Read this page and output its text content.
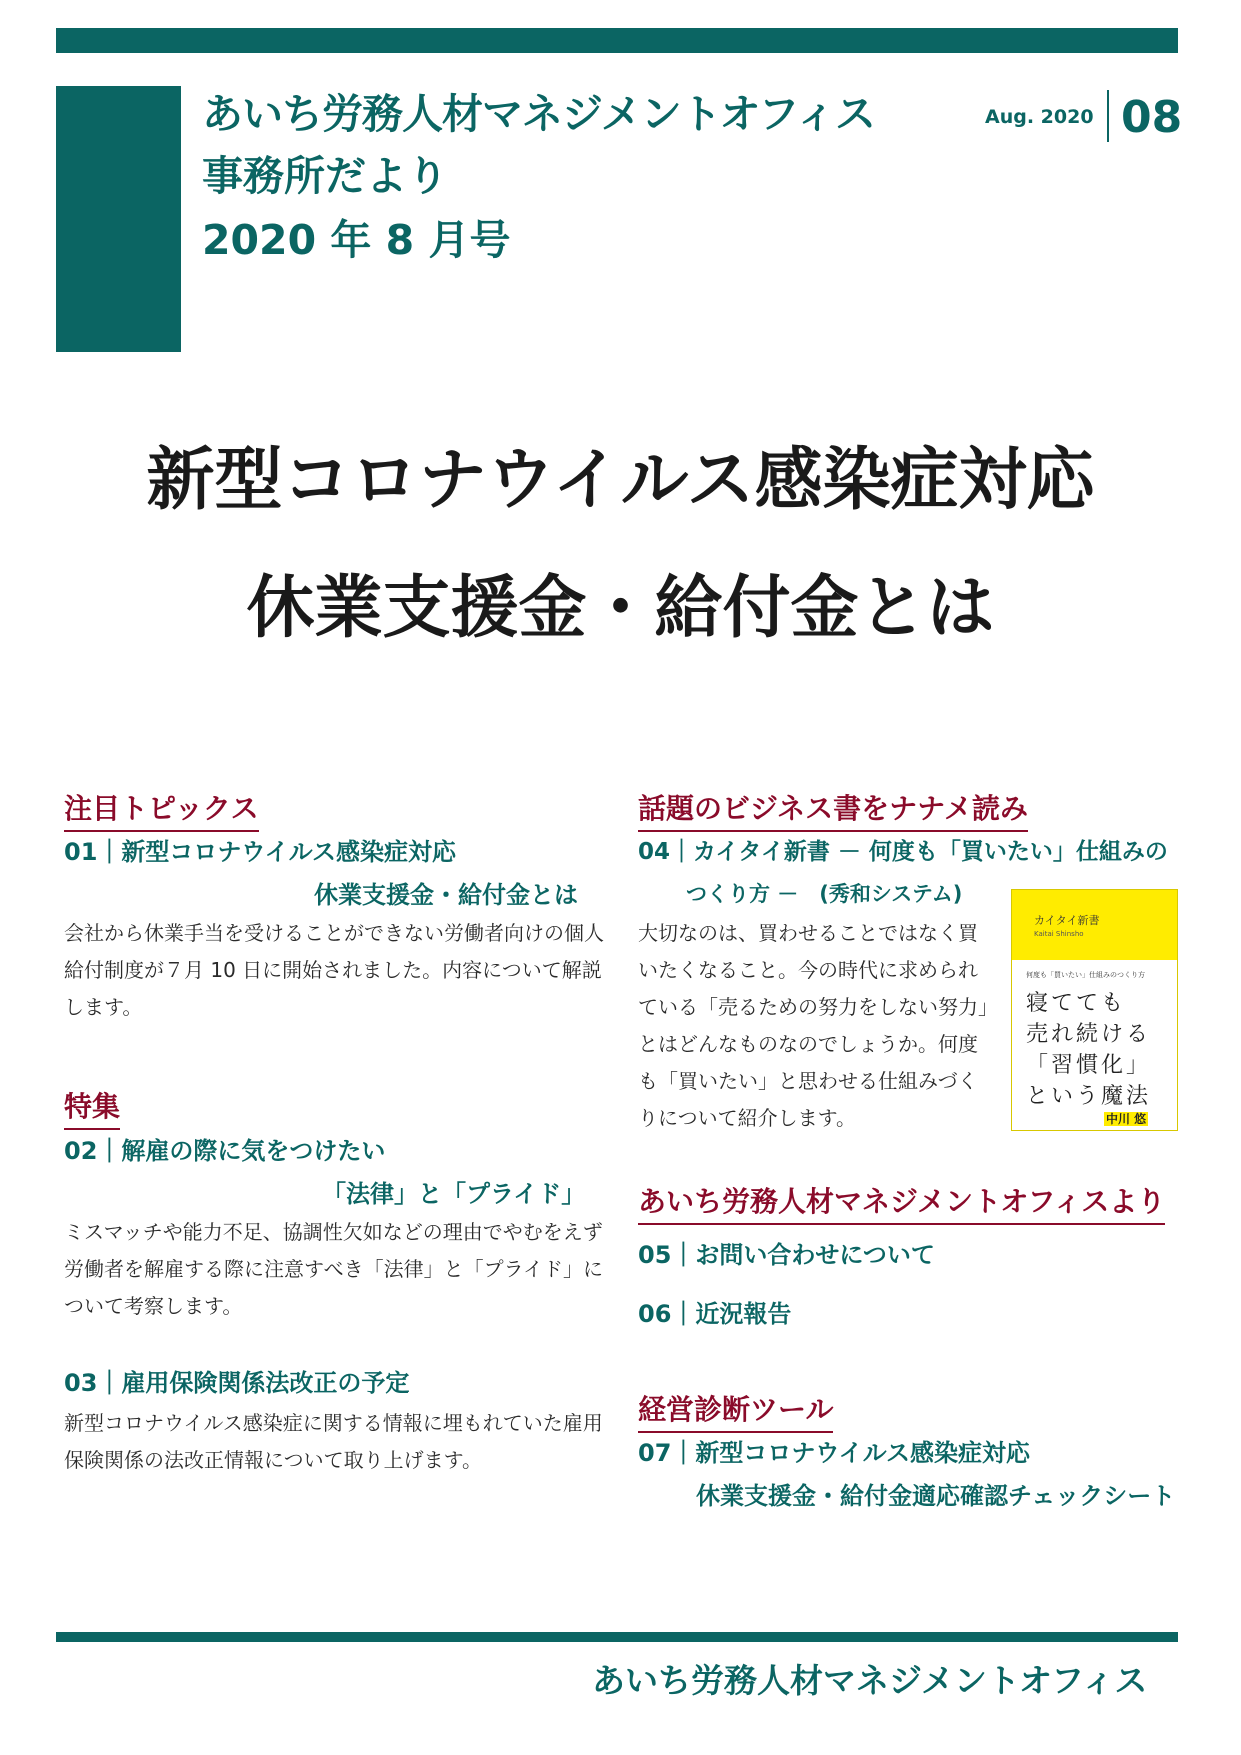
あいち労務人材マネジメントオフィス
事務所だより
2020 年 8 月号
Aug. 2020 08
新型コロナウイルス感染症対応
休業支援金・給付金とは
注目トピックス
01｜新型コロナウイルス感染症対応
休業支援金・給付金とは
会社から休業手当を受けることができない労働者向けの個人給付制度が７月 10 日に開始されました。内容について解説します。
特集
02｜解雇の際に気をつけたい
「法律」と「プライド」
ミスマッチや能力不足、協調性欠如などの理由でやむをえず労働者を解雇する際に注意すべき「法律」と「プライド」について考察します。
03｜雇用保険関係法改正の予定
新型コロナウイルス感染症に関する情報に埋もれていた雇用保険関係の法改正情報について取り上げます。
話題のビジネス書をナナメ読み
04｜カイタイ新書 － 何度も「買いたい」仕組みの
つくり方 －　(秀和システム)
大切なのは、買わせることではなく買いたくなること。今の時代に求められている「売るための努力をしない努力」とはどんなものなのでしょうか。何度も「買いたい」と思わせる仕組みづくりについて紹介します。
カイタイ新書
Kaitai Shinsho
何度も「買いたい」仕組みのつくり方
寝てても
売れ続ける
「習慣化」
という魔法
中川 悠
あいち労務人材マネジメントオフィスより
05｜お問い合わせについて
06｜近況報告
経営診断ツール
07｜新型コロナウイルス感染症対応
休業支援金・給付金適応確認チェックシート
あいち労務人材マネジメントオフィス
